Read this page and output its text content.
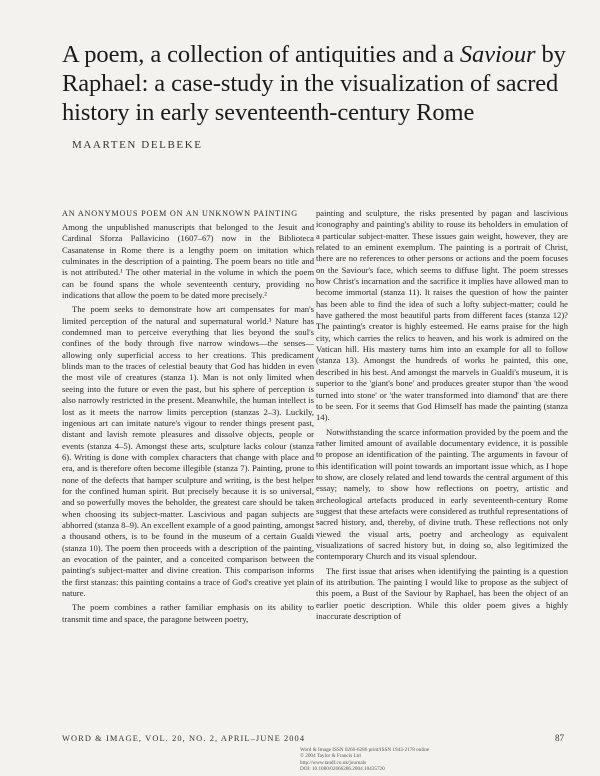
A poem, a collection of antiquities and a Saviour by Raphael: a case-study in the visualization of sacred history in early seventeenth-century Rome
MAARTEN DELBEKE
AN ANONYMOUS POEM ON AN UNKNOWN PAINTING

Among the unpublished manuscripts that belonged to the Jesuit and Cardinal Sforza Pallavicino (1607–67) now in the Biblioteca Casanatense in Rome there is a lengthy poem on imitation which culminates in the description of a painting. The poem bears no title and is not attributed.¹ The other material in the volume in which the poem can be found spans the whole seventeenth century, providing no indications that allow the poem to be dated more precisely.²

The poem seeks to demonstrate how art compensates for man's limited perception of the natural and supernatural world.³ Nature has condemned man to perceive everything that lies beyond the soul's confines of the body through five narrow windows—the senses—allowing only superficial access to her creations. This predicament blinds man to the traces of celestial beauty that God has hidden in even the most vile of creatures (stanza 1). Man is not only limited when seeing into the future or even the past, but his sphere of perception is also narrowly restricted in the present. Meanwhile, the human intellect is lost as it meets the narrow limits perception (stanzas 2–3). Luckily, ingenious art can imitate nature's vigour to render things present past, distant and lavish remote pleasures and dissolve objects, people or events (stanza 4–5). Amongst these arts, sculpture lacks colour (stanza 6). Writing is done with complex characters that change with place and era, and is therefore often become illegible (stanza 7). Painting, prone to none of the defects that hamper sculpture and writing, is the best helper for the confined human spirit. But precisely because it is so universal, and so powerfully moves the beholder, the greatest care should be taken when choosing its subject-matter. Lascivious and pagan subjects are abhorred (stanza 8–9). An excellent example of a good painting, amongst a thousand others, is to be found in the museum of a certain Gualdi (stanza 10). The poem then proceeds with a description of the painting, an evocation of the painter, and a conceited comparison between the painting's subject-matter and divine creation. This comparison informs the first stanzas: this painting contains a trace of God's creative yet plain nature.

The poem combines a rather familiar emphasis on its ability to transmit time and space, the paragone between poetry,

painting and sculpture, the risks presented by pagan and lascivious iconography and painting's ability to rouse its beholders in emulation of a particular subject-matter. These issues gain weight, however, they are related to an eminent exemplum. The painting is a portrait of Christ, there are no references to other persons or actions and the poem focuses on the Saviour's face, which seems to diffuse light. The poem stresses how Christ's incarnation and the sacrifice it implies have allowed man to become immortal (stanza 11). It raises the question of how the painter has been able to find the idea of such a lofty subject-matter; could he have gathered the most beautiful parts from different faces (stanza 12)? The painting's creator is highly esteemed. He earns praise for the high city, which carries the relics to heaven, and his work is admired on the Vatican hill. His mastery turns him into an example for all to follow (stanza 13). Amongst the hundreds of works he painted, this one, described in his best. And amongst the marvels in Gualdi's museum, it is superior to the 'giant's bone' and produces greater stupor than 'the wood turned into stone' or 'the water transformed into diamond' that are there to be seen. For it seems that God Himself has made the painting (stanza 14).

Notwithstanding the scarce information provided by the poem and the rather limited amount of available documentary evidence, it is possible to propose an identification of the painting. The arguments in favour of this identification will point towards an important issue which, as I hope to show, are closely related and lend towards the central argument of this essay; namely, to show how reflections on poetry, artistic and archeological artefacts produced in early seventeenth-century Rome suggest that these artefacts were considered as truthful representations of sacred history, and, thereby, of divine truth. These reflections not only viewed the visual arts, poetry and archeology as equivalent visualizations of sacred history but, in doing so, also legitimized the contemporary Church and its visual splendour.

The first issue that arises when identifying the painting is a question of its attribution. The painting I would like to propose as the subject of this poem, a Bust of the Saviour by Raphael, has been the object of an earlier poetic description. While this older poem gives a highly inaccurate description of

WORD & IMAGE, VOL. 20, NO. 2, APRIL–JUNE 2004	87
Word & Image ISSN 0266-6286 print/ISSN 1943-2178 online
© 2004 Taylor & Francis Ltd
http://www.tandf.co.uk/journals
DOI: 10.1080/02666286.2004.10435720
